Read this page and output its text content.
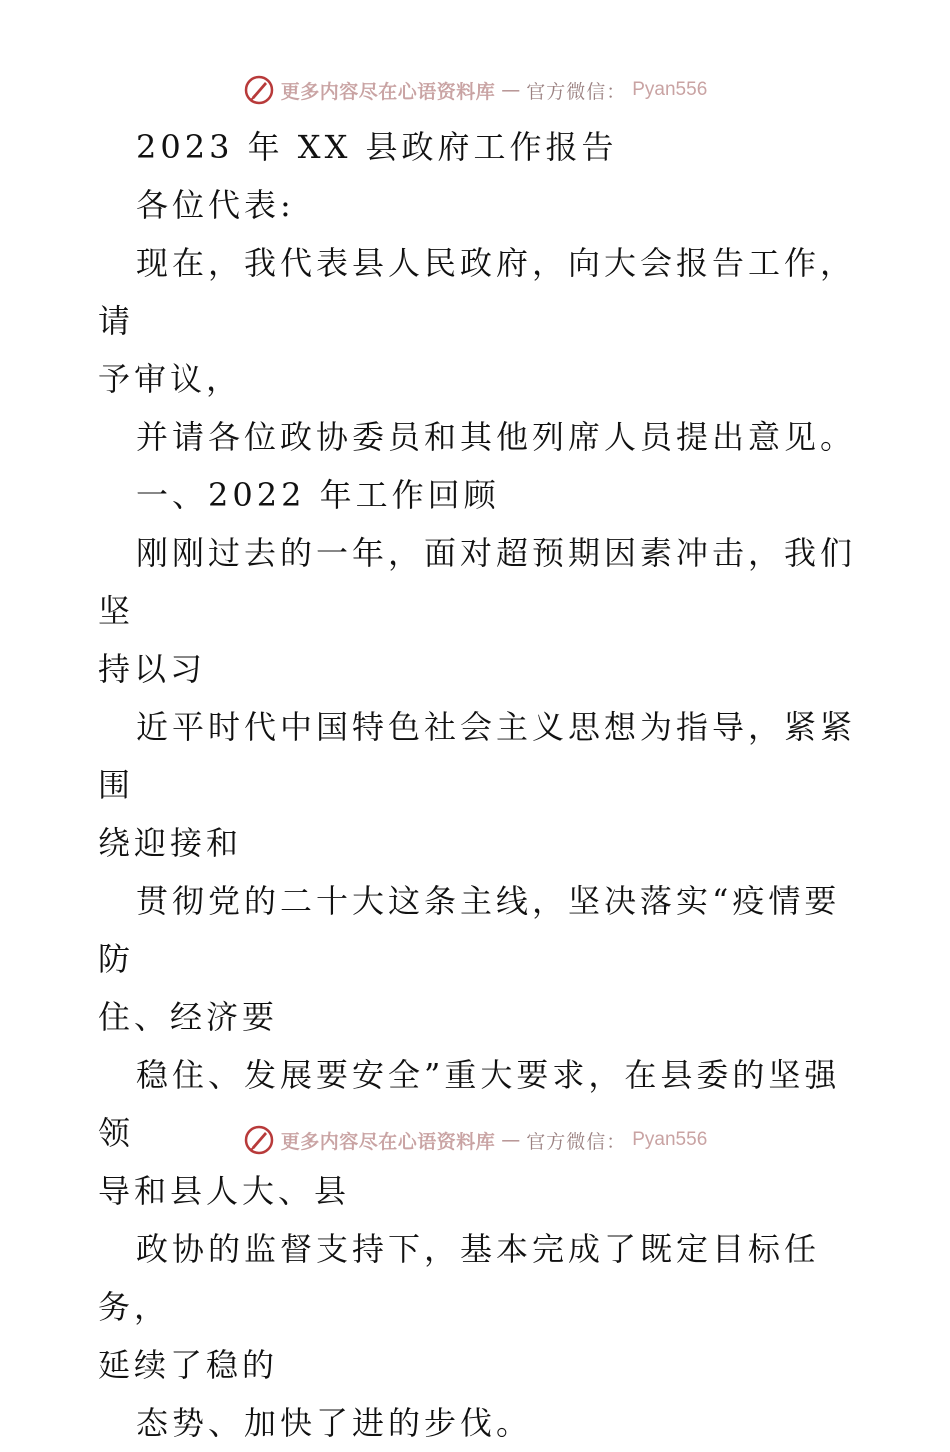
更多内容尽在心语资料库 — 官方微信： Pyan556

2023 年 XX 县政府工作报告

各位代表:

现在，我代表县人民政府，向大会报告工作，请
予审议，

并请各位政协委员和其他列席人员提出意见。

一、2022 年工作回顾

刚刚过去的一年，面对超预期因素冲击，我们坚
持以习

近平时代中国特色社会主义思想为指导，紧紧围
绕迎接和

贯彻党的二十大这条主线，坚决落实“疫情要防
住、经济要

稳住、发展要安全”重大要求，在县委的坚强领
导和县人大、县

政协的监督支持下，基本完成了既定目标任务，
延续了稳的

态势、加快了进的步伐。

更多内容尽在心语资料库 — 官方微信： Pyan556
